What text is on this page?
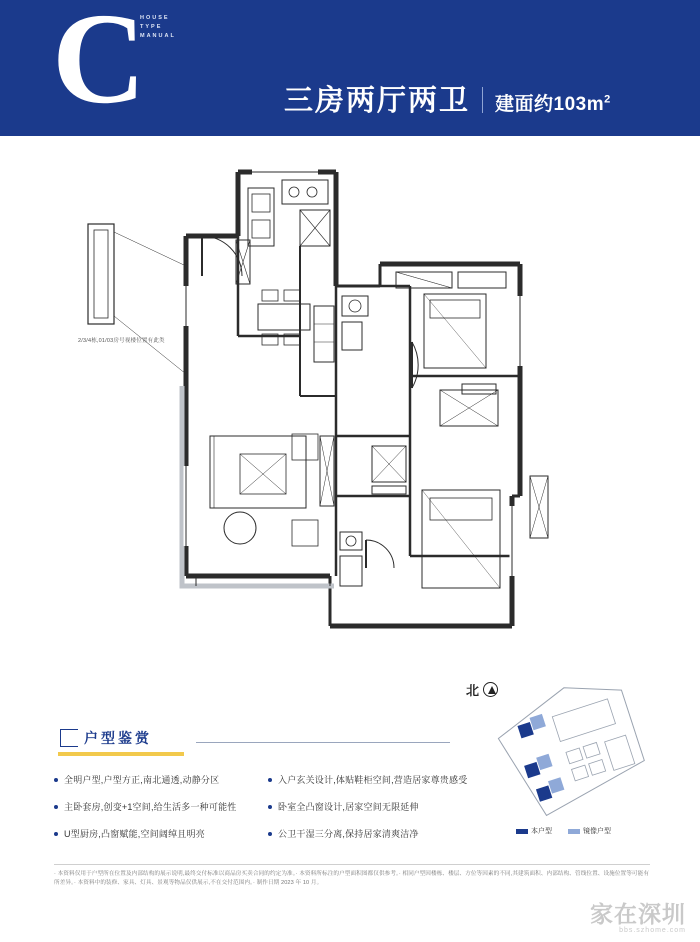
C
HOUSE TYPE MANUAL
三房两厅两卫 建面约$103m^2$
2/3/4栋,01/03房号视楼位置有此类
北
本户型	镜像户型
户型鉴赏
全明户型,户型方正,南北通透,动静分区	入户玄关设计,体贴鞋柜空间,营造居家尊贵感受
主卧套房,创变+1空间,给生活多一种可能性	卧室全凸窗设计,居家空间无限延伸
U型厨房,凸窗赋能,空间阔绰且明亮	公卫干湿三分离,保持居家清爽洁净
· 本资料仅用于户型所在位置及内部结构的展示说明,最终交付标准以商品房买卖合同的约定为准。· 本资料所标注的户型面积图都仅供参考。· 相同户型因楼栋、楼层、方位等因素的不同,其建筑面积、内部结构、管线位置、设施位置等可能有所差异。· 本资料中的装修、家具、灯具、景观等物品仅供展示,不在交付范围内。· 制作日期 2023 年 10 月。
家在深圳
bbs.szhome.com
